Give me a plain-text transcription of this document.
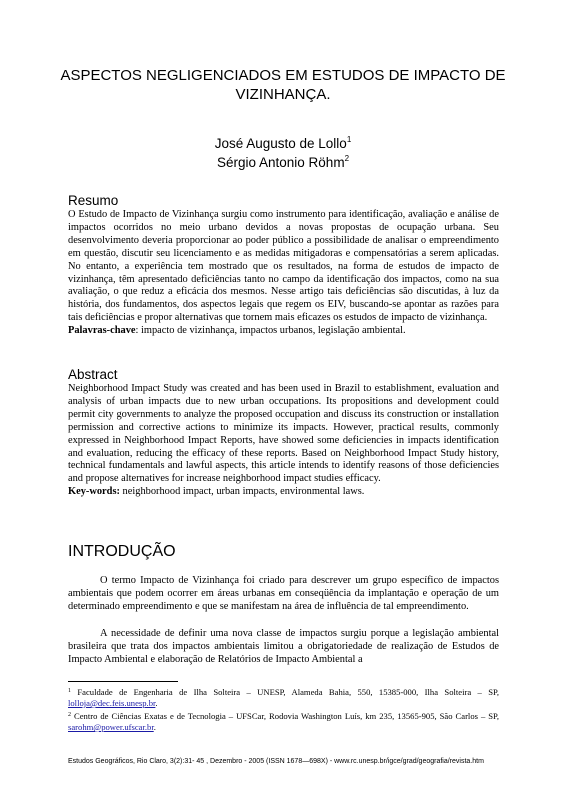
ASPECTOS NEGLIGENCIADOS EM ESTUDOS DE IMPACTO DE VIZINHANÇA.
José Augusto de Lollo$^1$
Sérgio Antonio Röhm$^2$
Resumo
O Estudo de Impacto de Vizinhança surgiu como instrumento para identificação, avaliação e análise de impactos ocorridos no meio urbano devidos a novas propostas de ocupação urbana. Seu desenvolvimento deveria proporcionar ao poder público a possibilidade de analisar o empreendimento em questão, discutir seu licenciamento e as medidas mitigadoras e compensatórias a serem aplicadas. No entanto, a experiência tem mostrado que os resultados, na forma de estudos de impacto de vizinhança, têm apresentado deficiências tanto no campo da identificação dos impactos, como na sua avaliação, o que reduz a eficácia dos mesmos. Nesse artigo tais deficiências são discutidas, à luz da história, dos fundamentos, dos aspectos legais que regem os EIV, buscando-se apontar as razões para tais deficiências e propor alternativas que tornem mais eficazes os estudos de impacto de vizinhança.
Palavras-chave: impacto de vizinhança, impactos urbanos, legislação ambiental.
Abstract
Neighborhood Impact Study was created and has been used in Brazil to establishment, evaluation and analysis of urban impacts due to new urban occupations. Its propositions and development could permit city governments to analyze the proposed occupation and discuss its construction or installation permission and corrective actions to minimize its impacts. However, practical results, commonly expressed in Neighborhood Impact Reports, have showed some deficiencies in impacts identification and evaluation, reducing the efficacy of these reports. Based on Neighborhood Impact Study history, technical fundamentals and lawful aspects, this article intends to identify reasons of those deficiencies and propose alternatives for increase neighborhood impact studies efficacy.
Key-words: neighborhood impact, urban impacts, environmental laws.
INTRODUÇÃO
O termo Impacto de Vizinhança foi criado para descrever um grupo específico de impactos ambientais que podem ocorrer em áreas urbanas em conseqüência da implantação e operação de um determinado empreendimento e que se manifestam na área de influência de tal empreendimento.
A necessidade de definir uma nova classe de impactos surgiu porque a legislação ambiental brasileira que trata dos impactos ambientais limitou a obrigatoriedade de realização de Estudos de Impacto Ambiental e elaboração de Relatórios de Impacto Ambiental a
$^1$ Faculdade de Engenharia de Ilha Solteira – UNESP, Alameda Bahia, 550, 15385-000, Ilha Solteira – SP, lolloja@dec.feis.unesp.br.
$^2$ Centro de Ciências Exatas e de Tecnologia – UFSCar, Rodovia Washington Luís, km 235, 13565-905, São Carlos – SP, sarohm@power.ufscar.br.
Estudos Geográficos, Rio Claro, 3(2):31- 45 , Dezembro - 2005 (ISSN 1678—698X) - www.rc.unesp.br/igce/grad/geografia/revista.htm
